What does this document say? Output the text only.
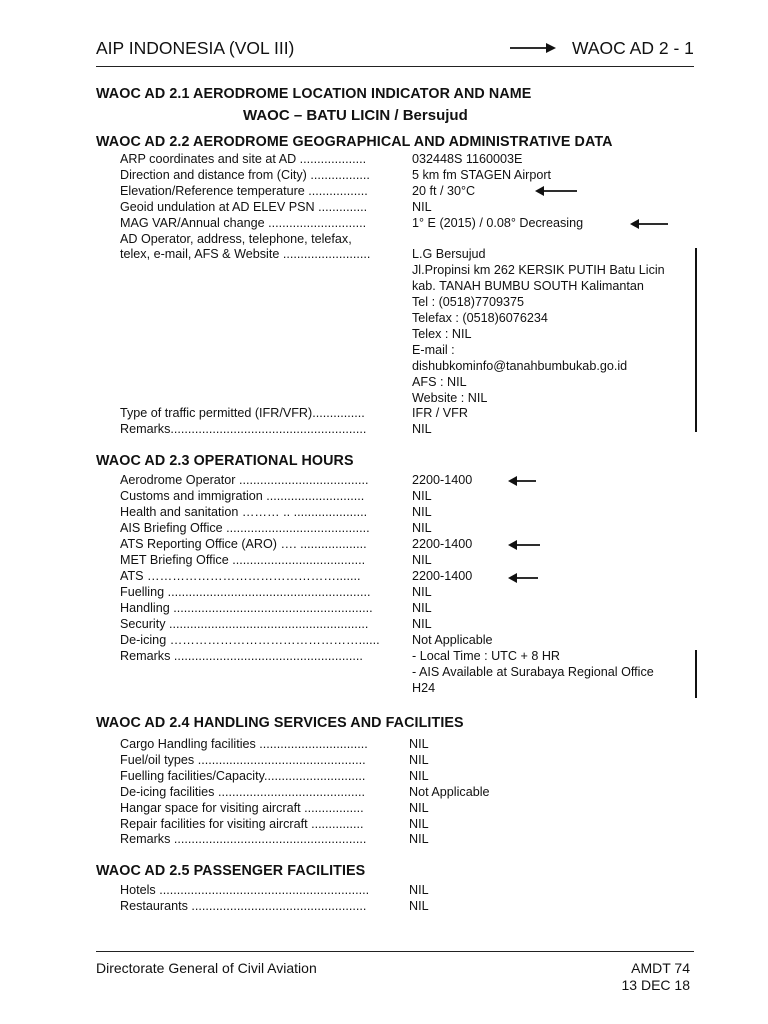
AIP INDONESIA (VOL III)	WAOC AD 2 - 1
WAOC AD 2.1 AERODROME LOCATION INDICATOR AND NAME
WAOC – BATU LICIN / Bersujud
WAOC AD 2.2 AERODROME GEOGRAPHICAL AND ADMINISTRATIVE DATA
ARP coordinates and site at AD ...................	032448S 1160003E
Direction and distance from (City) .................	5 km fm STAGEN Airport
Elevation/Reference temperature .................	20 ft / 30°C
Geoid undulation at AD ELEV PSN ..............	NIL
MAG VAR/Annual change ............................	1° E (2015) / 0.08° Decreasing
AD Operator, address, telephone, telefax,
telex, e-mail, AFS & Website .........................	L.G Bersujud
Jl.Propinsi km 262 KERSIK PUTIH Batu Licin
kab. TANAH BUMBU SOUTH Kalimantan
Tel : (0518)7709375
Telefax : (0518)6076234
Telex : NIL
E-mail :
dishubkominfo@tanahbumbukab.go.id
AFS : NIL
Website : NIL
Type of traffic permitted (IFR/VFR)...............	IFR / VFR
Remarks........................................................	NIL
WAOC AD 2.3 OPERATIONAL HOURS
Aerodrome Operator .....................................	2200-1400
Customs and immigration ............................	NIL
Health and sanitation ……… .. .....................	NIL
AIS Briefing Office .........................................	NIL
ATS Reporting Office (ARO) …. ...................	2200-1400
MET Briefing Office ......................................	NIL
ATS ……………………………………….......	2200-1400
Fuelling ..........................................................	NIL
Handling .........................................................	NIL
Security .........................................................	NIL
De-icing ………………………………………......	Not Applicable
Remarks ......................................................	- Local Time : UTC + 8 HR
- AIS Available at Surabaya Regional Office
H24
WAOC AD 2.4 HANDLING SERVICES AND FACILITIES
Cargo Handling facilities ...............................	NIL
Fuel/oil types ................................................	NIL
Fuelling facilities/Capacity.............................	NIL
De-icing facilities ..........................................	Not Applicable
Hangar space for visiting aircraft .................	NIL
Repair facilities for visiting aircraft ...............	NIL
Remarks .......................................................	NIL
WAOC AD 2.5 PASSENGER FACILITIES
Hotels ............................................................	NIL
Restaurants ..................................................	NIL
Directorate General of Civil Aviation	AMDT 74
13 DEC 18
